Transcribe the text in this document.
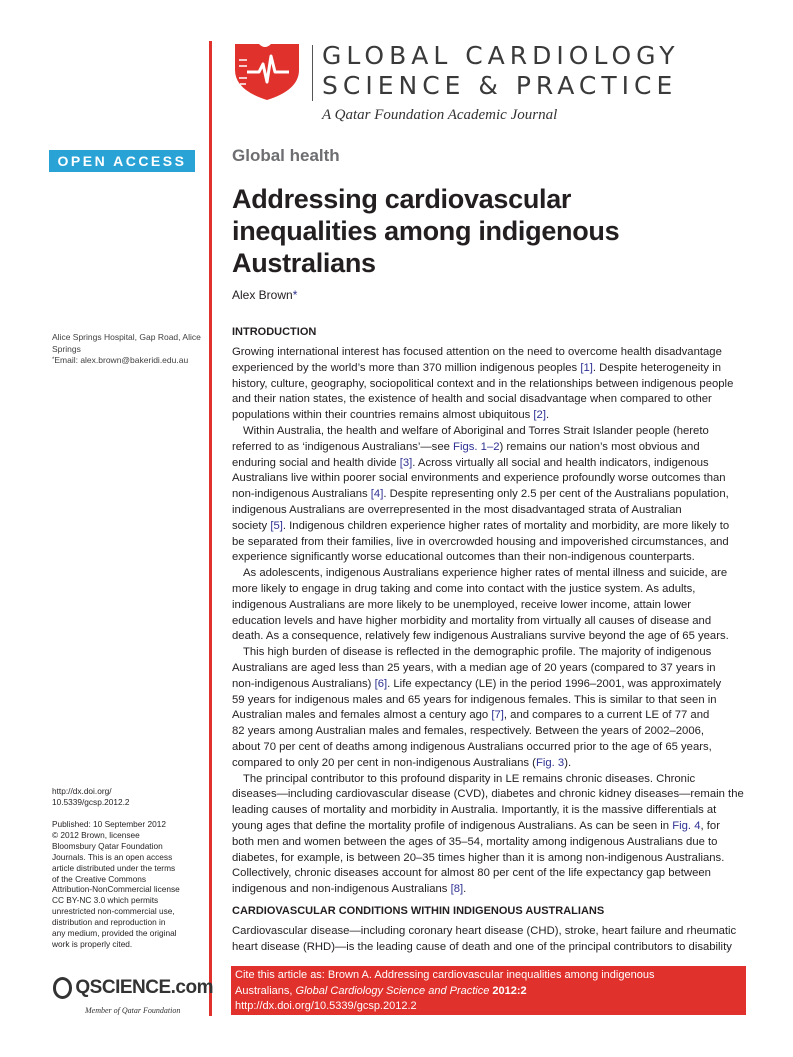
GLOBAL CARDIOLOGY
SCIENCE & PRACTICE
A Qatar Foundation Academic Journal
OPEN ACCESS	Global health
Addressing cardiovascular
inequalities among indigenous
Australians
Alex Brown*
Alice Springs Hospital, Gap Road, Alice
Springs
*Email: alex.brown@bakeridi.edu.au
http://dx.doi.org/
10.5339/gcsp.2012.2
Published: 10 September 2012
© 2012 Brown, licensee
Bloomsbury Qatar Foundation
Journals. This is an open access
article distributed under the terms
of the Creative Commons
Attribution-NonCommercial license
CC BY-NC 3.0 which permits
unrestricted non-commercial use,
distribution and reproduction in
any medium, provided the original
work is properly cited.
QSCIENCE.com
Member of Qatar Foundation
INTRODUCTION
Growing international interest has focused attention on the need to overcome health disadvantage
experienced by the world’s more than 370 million indigenous peoples [1]. Despite heterogeneity in
history, culture, geography, sociopolitical context and in the relationships between indigenous people
and their nation states, the existence of health and social disadvantage when compared to other
populations within their countries remains almost ubiquitous [2].
Within Australia, the health and welfare of Aboriginal and Torres Strait Islander people (hereto
referred to as ‘indigenous Australians’—see Figs. 1–2) remains our nation’s most obvious and
enduring social and health divide [3]. Across virtually all social and health indicators, indigenous
Australians live within poorer social environments and experience profoundly worse outcomes than
non-indigenous Australians [4]. Despite representing only 2.5 per cent of the Australians population,
indigenous Australians are overrepresented in the most disadvantaged strata of Australian
society [5]. Indigenous children experience higher rates of mortality and morbidity, are more likely to
be separated from their families, live in overcrowded housing and impoverished circumstances, and
experience significantly worse educational outcomes than their non-indigenous counterparts.
As adolescents, indigenous Australians experience higher rates of mental illness and suicide, are
more likely to engage in drug taking and come into contact with the justice system. As adults,
indigenous Australians are more likely to be unemployed, receive lower income, attain lower
education levels and have higher morbidity and mortality from virtually all causes of disease and
death. As a consequence, relatively few indigenous Australians survive beyond the age of 65 years.
This high burden of disease is reflected in the demographic profile. The majority of indigenous
Australians are aged less than 25 years, with a median age of 20 years (compared to 37 years in
non-indigenous Australians) [6]. Life expectancy (LE) in the period 1996–2001, was approximately
59 years for indigenous males and 65 years for indigenous females. This is similar to that seen in
Australian males and females almost a century ago [7], and compares to a current LE of 77 and
82 years among Australian males and females, respectively. Between the years of 2002–2006,
about 70 per cent of deaths among indigenous Australians occurred prior to the age of 65 years,
compared to only 20 per cent in non-indigenous Australians (Fig. 3).
The principal contributor to this profound disparity in LE remains chronic diseases. Chronic
diseases—including cardiovascular disease (CVD), diabetes and chronic kidney diseases—remain the
leading causes of mortality and morbidity in Australia. Importantly, it is the massive differentials at
young ages that define the mortality profile of indigenous Australians. As can be seen in Fig. 4, for
both men and women between the ages of 35–54, mortality among indigenous Australians due to
diabetes, for example, is between 20–35 times higher than it is among non-indigenous Australians.
Collectively, chronic diseases account for almost 80 per cent of the life expectancy gap between
indigenous and non-indigenous Australians [8].
CARDIOVASCULAR CONDITIONS WITHIN INDIGENOUS AUSTRALIANS
Cardiovascular disease—including coronary heart disease (CHD), stroke, heart failure and rheumatic
heart disease (RHD)—is the leading cause of death and one of the principal contributors to disability
Cite this article as: Brown A. Addressing cardiovascular inequalities among indigenous
Australians, Global Cardiology Science and Practice 2012:2
http://dx.doi.org/10.5339/gcsp.2012.2
